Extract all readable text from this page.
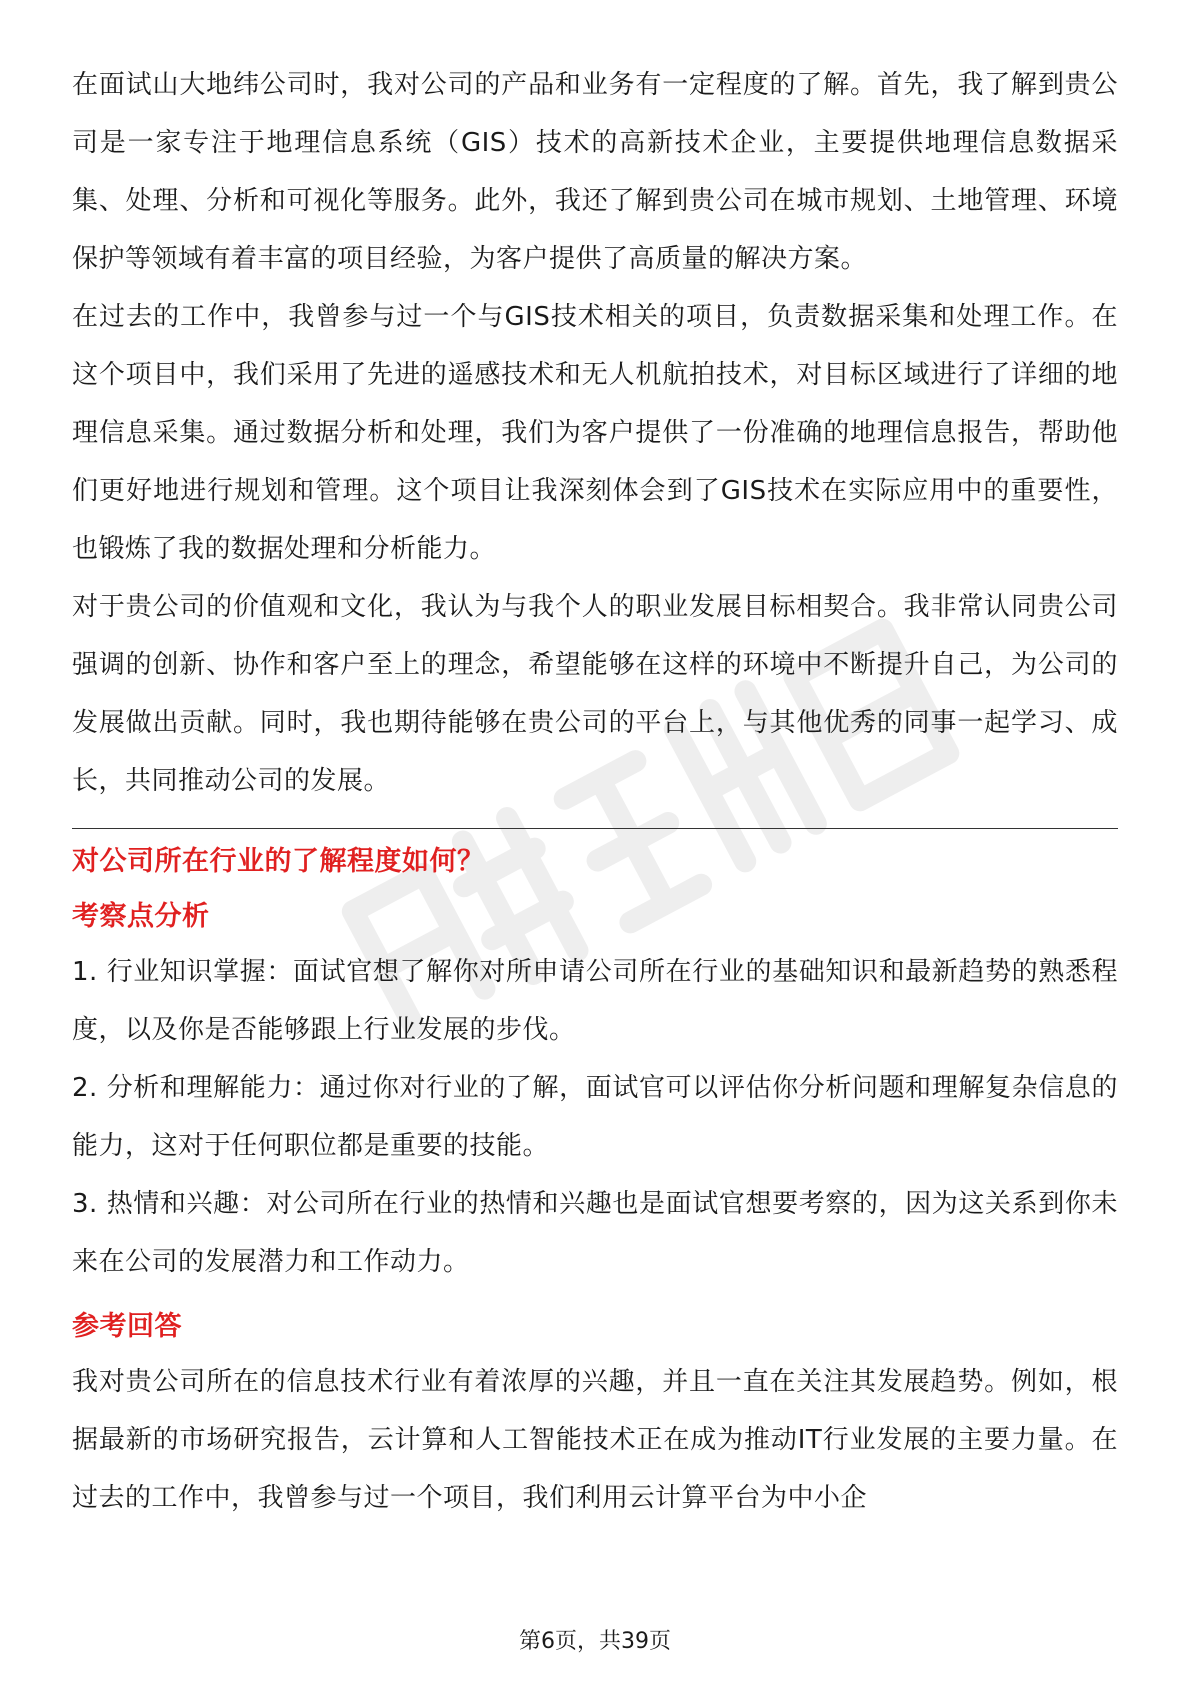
在面试山大地纬公司时，我对公司的产品和业务有一定程度的了解。首先，我了解到贵公司是一家专注于地理信息系统（GIS）技术的高新技术企业，主要提供地理信息数据采集、处理、分析和可视化等服务。此外，我还了解到贵公司在城市规划、土地管理、环境保护等领域有着丰富的项目经验，为客户提供了高质量的解决方案。

在过去的工作中，我曾参与过一个与GIS技术相关的项目，负责数据采集和处理工作。在这个项目中，我们采用了先进的遥感技术和无人机航拍技术，对目标区域进行了详细的地理信息采集。通过数据分析和处理，我们为客户提供了一份准确的地理信息报告，帮助他们更好地进行规划和管理。这个项目让我深刻体会到了GIS技术在实际应用中的重要性，也锻炼了我的数据处理和分析能力。

对于贵公司的价值观和文化，我认为与我个人的职业发展目标相契合。我非常认同贵公司强调的创新、协作和客户至上的理念，希望能够在这样的环境中不断提升自己，为公司的发展做出贡献。同时，我也期待能够在贵公司的平台上，与其他优秀的同事一起学习、成长，共同推动公司的发展。

对公司所在行业的了解程度如何？

考察点分析

1. 行业知识掌握：面试官想了解你对所申请公司所在行业的基础知识和最新趋势的熟悉程度，以及你是否能够跟上行业发展的步伐。

2. 分析和理解能力：通过你对行业的了解，面试官可以评估你分析问题和理解复杂信息的能力，这对于任何职位都是重要的技能。

3. 热情和兴趣：对公司所在行业的热情和兴趣也是面试官想要考察的，因为这关系到你未来在公司的发展潜力和工作动力。

参考回答

我对贵公司所在的信息技术行业有着浓厚的兴趣，并且一直在关注其发展趋势。例如，根据最新的市场研究报告，云计算和人工智能技术正在成为推动IT行业发展的主要力量。在过去的工作中，我曾参与过一个项目，我们利用云计算平台为中小企

第6页，共39页
